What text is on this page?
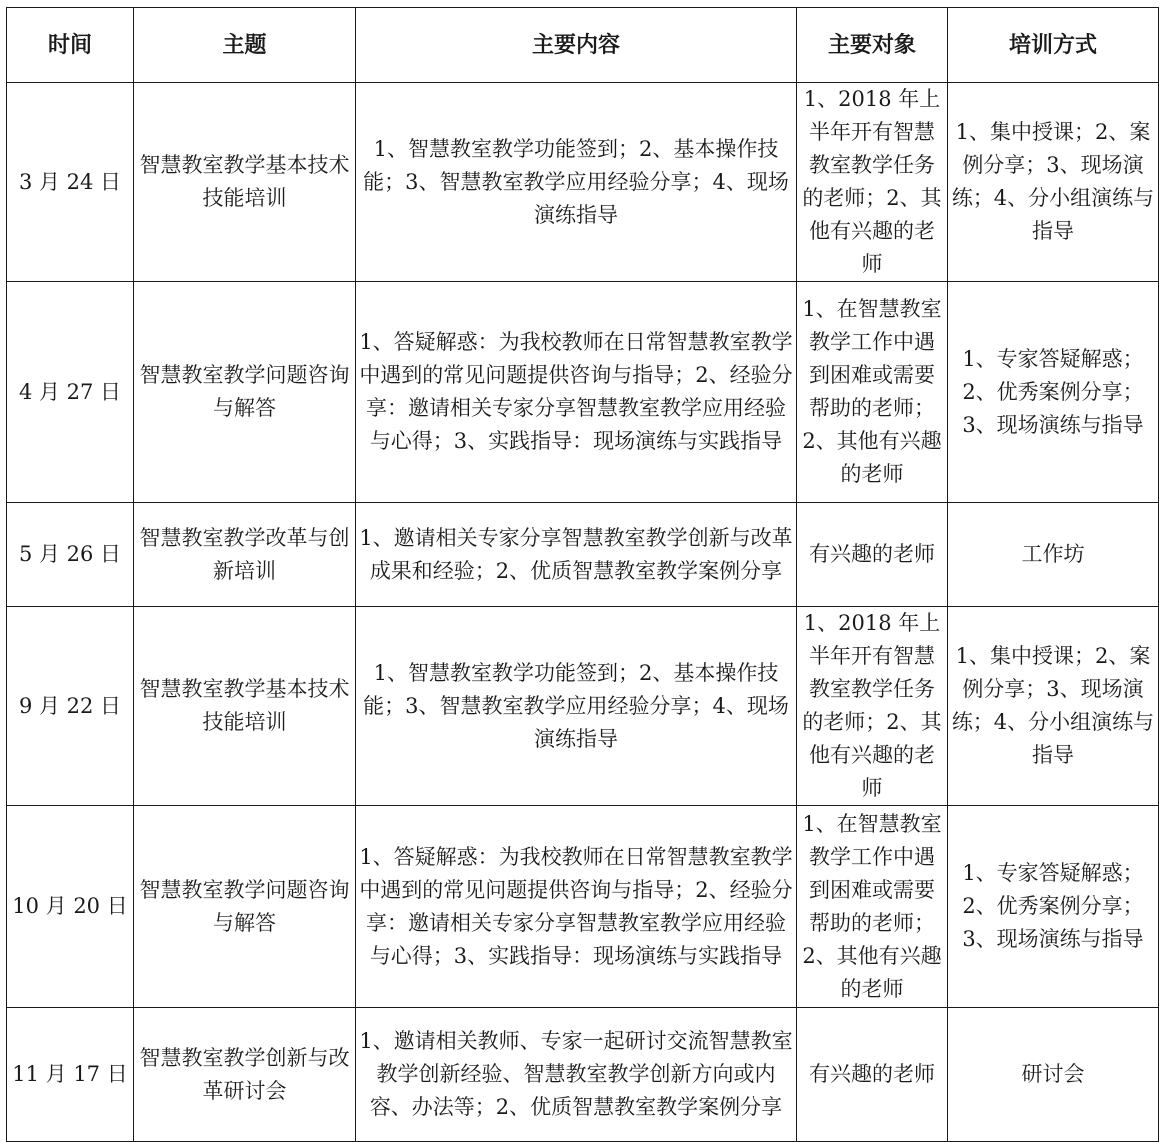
时间	主题	主要内容	主要对象	培训方式
3 月 24 日	智慧教室教学基本技术技能培训	1、智慧教室教学功能签到；2、基本操作技能；3、智慧教室教学应用经验分享；4、现场 演练指导	1、2018 年上半年开有智慧教室教学任务的老师；2、其他有兴趣的老师	1、集中授课；2、案例分享；3、现场演练；4、分小组演练与指导
4 月 27 日	智慧教室教学问题咨询与解答	1、答疑解惑：为我校教师在日常智慧教室教学中遇到的常见问题提供咨询与指导；2、经验分享：邀请相关专家分享智慧教室教学应用经验与心得；3、实践指导：现场演练与实践指导	1、在智慧教室教学工作中遇到困难或需要帮助的老师；2、其他有兴趣的老师	1、专家答疑解惑；2、优秀案例分享；3、现场演练与指导
5 月 26 日	智慧教室教学改革与创新培训	1、邀请相关专家分享智慧教室教学创新与改革成果和经验；2、优质智慧教室教学案例分享	有兴趣的老师	工作坊
9 月 22 日	智慧教室教学基本技术技能培训	1、智慧教室教学功能签到；2、基本操作技能；3、智慧教室教学应用经验分享；4、现场 演练指导	1、2018 年上半年开有智慧教室教学任务的老师；2、其他有兴趣的老师	1、集中授课；2、案例分享；3、现场演练；4、分小组演练与指导
10 月 20 日	智慧教室教学问题咨询与解答	1、答疑解惑：为我校教师在日常智慧教室教学中遇到的常见问题提供咨询与指导；2、经验分享：邀请相关专家分享智慧教室教学应用经验与心得；3、实践指导：现场演练与实践指导	1、在智慧教室教学工作中遇到困难或需要帮助的老师；2、其他有兴趣的老师	1、专家答疑解惑；2、优秀案例分享；3、现场演练与指导
11 月 17 日	智慧教室教学创新与改革研讨会	1、邀请相关教师、专家一起研讨交流智慧教室教学创新经验、智慧教室教学创新方向或内容、办法等；2、优质智慧教室教学案例分享	有兴趣的老师	研讨会
